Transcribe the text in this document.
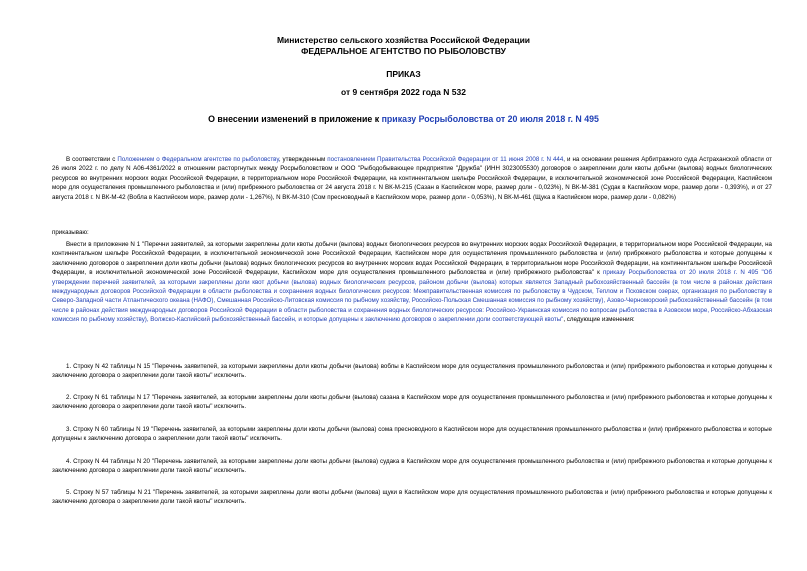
Министерство сельского хозяйства Российской Федерации
ФЕДЕРАЛЬНОЕ АГЕНТСТВО ПО РЫБОЛОВСТВУ
ПРИКАЗ
от 9 сентября 2022 года N 532
О внесении изменений в приложение к приказу Росрыболовства от 20 июля 2018 г. N 495

В соответствии с Положением о Федеральном агентстве по рыболовству, утвержденным постановлением Правительства Российской Федерации от 11 июня 2008 г. N 444, и на основании решения Арбитражного суда Астраханской области от 26 июля 2022 г. по делу N А06-4361/2022 в отношении расторгнутых между Росрыболовством и ООО "Рыбодобывающее предприятие "Дружба" (ИНН 3023005530) договоров о закреплении доли квоты добычи (вылова) водных биологических ресурсов во внутренних морских водах Российской Федерации, в территориальном море Российской Федерации, на континентальном шельфе Российской Федерации, в исключительной экономической зоне Российской Федерации, Каспийском море для осуществления промышленного рыболовства и (или) прибрежного рыболовства от 24 августа 2018 г. N ВК-М-215 (Сазан в Каспийском море, размер доли - 0,023%), N ВК-М-381 (Судак в Каспийском море, размер доли - 0,393%), и от 27 августа 2018 г. N ВК-М-42 (Вобла в Каспийском море, размер доли - 1,267%), N ВК-М-310 (Сом пресноводный в Каспийском море, размер доли - 0,053%), N ВК-М-461 (Щука в Каспийском море, размер доли - 0,082%)

приказываю:

Внести в приложение N 1 "Перечни заявителей, за которыми закреплены доли квоты добычи (вылова) водных биологических ресурсов во внутренних морских водах Российской Федерации, в территориальном море Российской Федерации, на континентальном шельфе Российской Федерации, в исключительной экономической зоне Российской Федерации, Каспийском море для осуществления промышленного рыболовства и (или) прибрежного рыболовства и которые допущены к заключению договоров о закреплении доли квоты добычи (вылова) водных биологических ресурсов во внутренних морских водах Российской Федерации, в территориальном море Российской Федерации, на континентальном шельфе Российской Федерации, в исключительной экономической зоне Российской Федерации, Каспийском море для осуществления промышленного рыболовства и (или) прибрежного рыболовства" к приказу Росрыболовства от 20 июля 2018 г. N 495 "Об утверждении перечней заявителей, за которыми закреплены доли квот добычи (вылова) водных биологических ресурсов, районом добычи (вылова) которых является Западный рыбохозяйственный бассейн (в том числе в районах действия международных договоров Российской Федерации в области рыболовства и сохранения водных биологических ресурсов: Межправительственная комиссия по рыболовству в Чудском, Теплом и Псковском озерах, организация по рыболовству в Северо-Западной части Атлантического океана (НАФО), Смешанная Российско-Литовская комиссия по рыбному хозяйству, Российско-Польская Смешанная комиссия по рыбному хозяйству), Азово-Черноморский рыбохозяйственный бассейн (в том числе в районах действия международных договоров Российской Федерации в области рыболовства и сохранения водных биологических ресурсов: Российско-Украинская комиссия по вопросам рыболовства в Азовском море, Российско-Абхазская комиссия по рыбному хозяйству), Волжско-Каспийский рыбохозяйственный бассейн, и которые допущены к заключению договоров о закреплении доли соответствующей квоты", следующие изменения:

1. Строку N 42 таблицы N 15 "Перечень заявителей, за которыми закреплены доли квоты добычи (вылова) воблы в Каспийском море для осуществления промышленного рыболовства и (или) прибрежного рыболовства и которые допущены к заключению договора о закреплении доли такой квоты" исключить.

2. Строку N 61 таблицы N 17 "Перечень заявителей, за которыми закреплены доли квоты добычи (вылова) сазана в Каспийском море для осуществления промышленного рыболовства и (или) прибрежного рыболовства и которые допущены к заключению договора о закреплении доли такой квоты" исключить.

3. Строку N 60 таблицы N 19 "Перечень заявителей, за которыми закреплены доли квоты добычи (вылова) сома пресноводного в Каспийском море для осуществления промышленного рыболовства и (или) прибрежного рыболовства и которые допущены к заключению договора о закреплении доли такой квоты" исключить.

4. Строку N 44 таблицы N 20 "Перечень заявителей, за которыми закреплены доли квоты добычи (вылова) судака в Каспийском море для осуществления промышленного рыболовства и (или) прибрежного рыболовства и которые допущены к заключению договора о закреплении доли такой квоты" исключить.

5. Строку N 57 таблицы N 21 "Перечень заявителей, за которыми закреплены доли квоты добычи (вылова) щуки в Каспийском море для осуществления промышленного рыболовства и (или) прибрежного рыболовства и которые допущены к заключению договора о закреплении доли такой квоты" исключить.
